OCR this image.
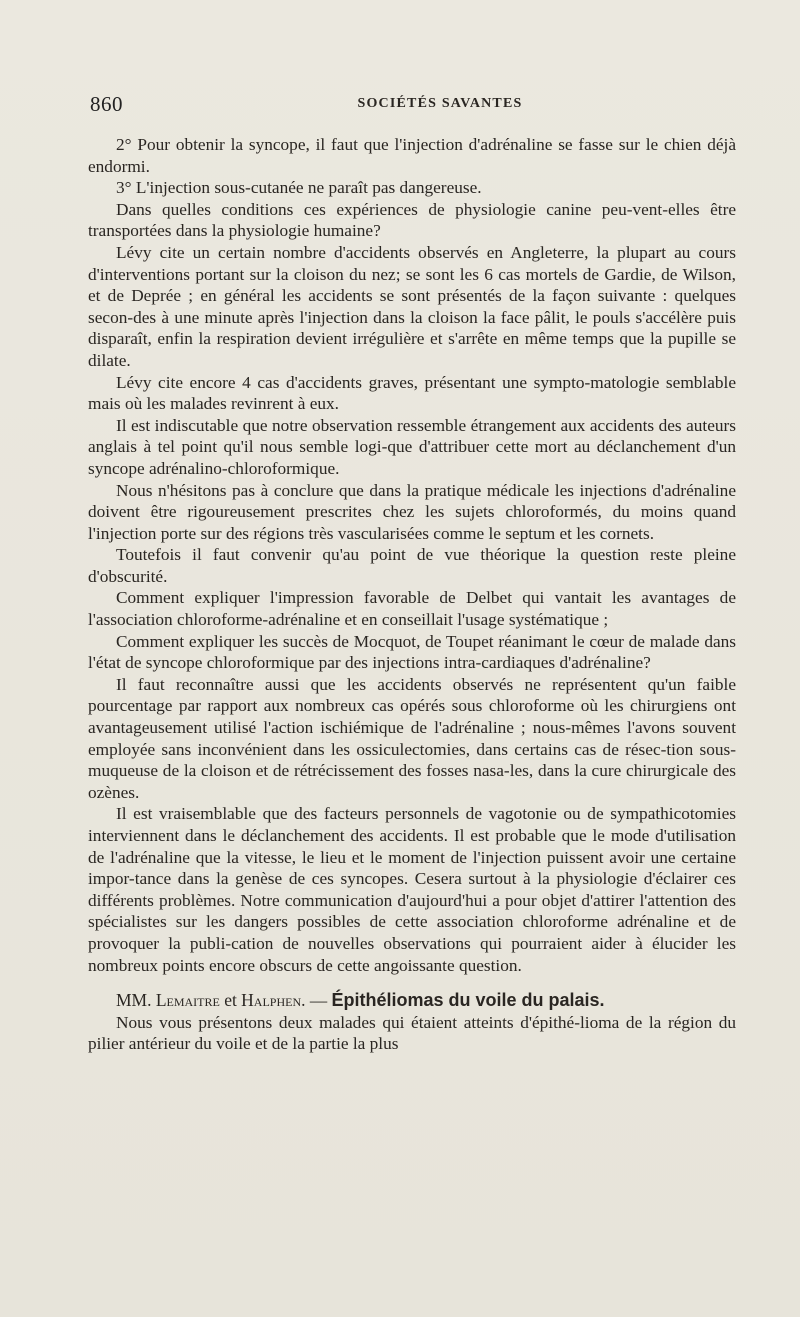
860	SOCIÉTÉS SAVANTES

2° Pour obtenir la syncope, il faut que l'injection d'adrénaline se fasse sur le chien déjà endormi.

3° L'injection sous-cutanée ne paraît pas dangereuse.

Dans quelles conditions ces expériences de physiologie canine peu-vent-elles être transportées dans la physiologie humaine?

Lévy cite un certain nombre d'accidents observés en Angleterre, la plupart au cours d'interventions portant sur la cloison du nez; se sont les 6 cas mortels de Gardie, de Wilson, et de Deprée ; en général les accidents se sont présentés de la façon suivante : quelques secon-des à une minute après l'injection dans la cloison la face pâlit, le pouls s'accélère puis disparaît, enfin la respiration devient irrégulière et s'arrête en même temps que la pupille se dilate.

Lévy cite encore 4 cas d'accidents graves, présentant une sympto-matologie semblable mais où les malades revinrent à eux.

Il est indiscutable que notre observation ressemble étrangement aux accidents des auteurs anglais à tel point qu'il nous semble logi-que d'attribuer cette mort au déclanchement d'un syncope adrénalino-chloroformique.

Nous n'hésitons pas à conclure que dans la pratique médicale les injections d'adrénaline doivent être rigoureusement prescrites chez les sujets chloroformés, du moins quand l'injection porte sur des régions très vascularisées comme le septum et les cornets.

Toutefois il faut convenir qu'au point de vue théorique la question reste pleine d'obscurité.

Comment expliquer l'impression favorable de Delbet qui vantait les avantages de l'association chloroforme-adrénaline et en conseillait l'usage systématique ;

Comment expliquer les succès de Mocquot, de Toupet réanimant le cœur de malade dans l'état de syncope chloroformique par des injections intra-cardiaques d'adrénaline?

Il faut reconnaître aussi que les accidents observés ne représentent qu'un faible pourcentage par rapport aux nombreux cas opérés sous chloroforme où les chirurgiens ont avantageusement utilisé l'action ischiémique de l'adrénaline ; nous-mêmes l'avons souvent employée sans inconvénient dans les ossiculectomies, dans certains cas de résec-tion sous-muqueuse de la cloison et de rétrécissement des fosses nasa-les, dans la cure chirurgicale des ozènes.

Il est vraisemblable que des facteurs personnels de vagotonie ou de sympathicotomies interviennent dans le déclanchement des accidents. Il est probable que le mode d'utilisation de l'adrénaline que la vitesse, le lieu et le moment de l'injection puissent avoir une certaine impor-tance dans la genèse de ces syncopes. Cesera surtout à la physiologie d'éclairer ces différents problèmes. Notre communication d'aujourd'hui a pour objet d'attirer l'attention des spécialistes sur les dangers possibles de cette association chloroforme adrénaline et de provoquer la publi-cation de nouvelles observations qui pourraient aider à élucider les nombreux points encore obscurs de cette angoissante question.

MM. Lemaitre et Halphen. — Épithéliomas du voile du palais.

Nous vous présentons deux malades qui étaient atteints d'épithé-lioma de la région du pilier antérieur du voile et de la partie la plus
